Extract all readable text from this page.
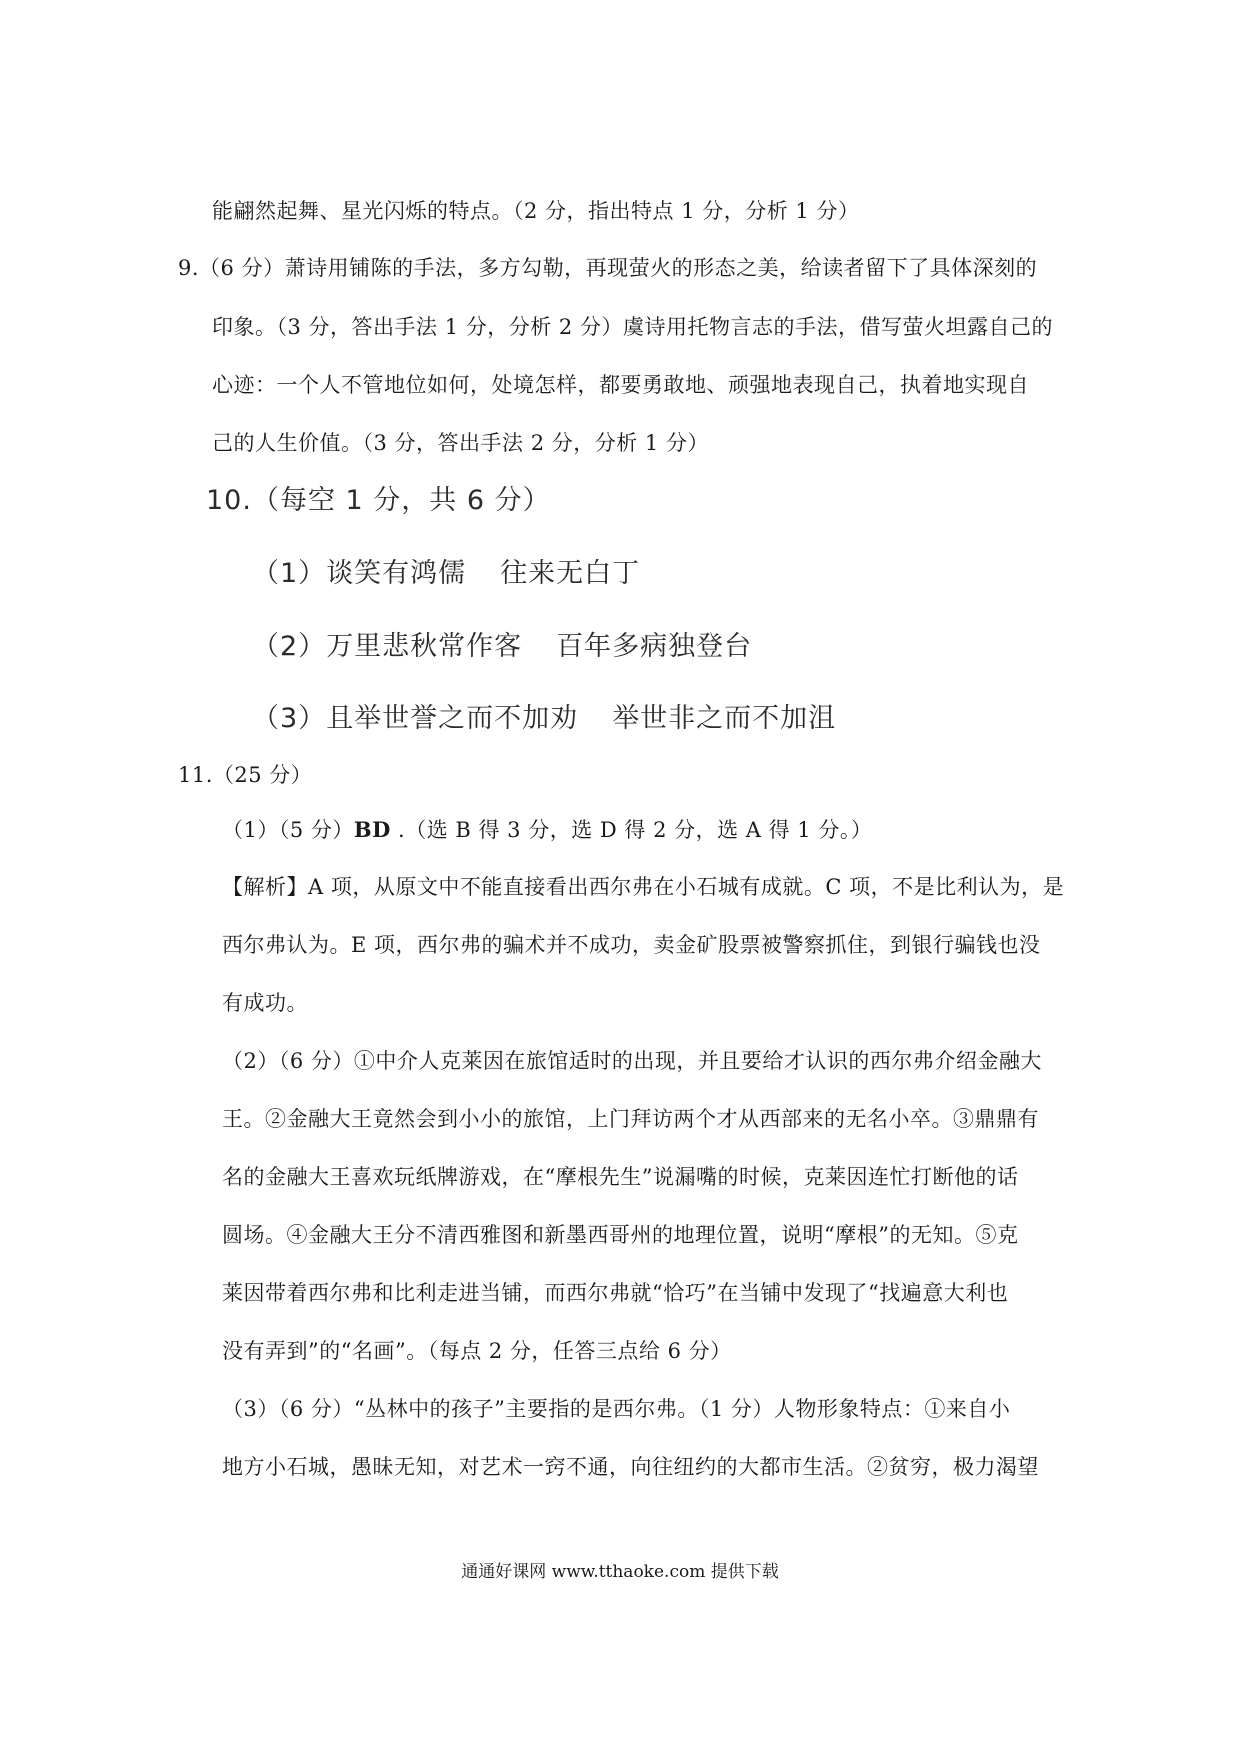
能翩然起舞、星光闪烁的特点。（2 分，指出特点 1 分，分析 1 分）
9.（6 分）萧诗用铺陈的手法，多方勾勒，再现萤火的形态之美，给读者留下了具体深刻的
印象。（3 分，答出手法 1 分，分析 2 分）虞诗用托物言志的手法，借写萤火坦露自己的
心迹：一个人不管地位如何，处境怎样，都要勇敢地、顽强地表现自己，执着地实现自
己的人生价值。（3 分，答出手法 2 分，分析 1 分）
10.（每空 1 分，共 6 分）
（1）谈笑有鸿儒 往来无白丁
（2）万里悲秋常作客 百年多病独登台
（3）且举世誉之而不加劝 举世非之而不加沮
11.（25 分）
（1）（5 分）BD .（选 B 得 3 分，选 D 得 2 分，选 A 得 1 分。）
【解析】A 项，从原文中不能直接看出西尔弗在小石城有成就。C 项，不是比利认为，是
西尔弗认为。E 项，西尔弗的骗术并不成功，卖金矿股票被警察抓住，到银行骗钱也没
有成功。
（2）（6 分）①中介人克莱因在旅馆适时的出现，并且要给才认识的西尔弗介绍金融大
王。②金融大王竟然会到小小的旅馆，上门拜访两个才从西部来的无名小卒。③鼎鼎有
名的金融大王喜欢玩纸牌游戏，在“摩根先生”说漏嘴的时候，克莱因连忙打断他的话
圆场。④金融大王分不清西雅图和新墨西哥州的地理位置，说明“摩根”的无知。⑤克
莱因带着西尔弗和比利走进当铺，而西尔弗就“恰巧”在当铺中发现了“找遍意大利也
没有弄到”的“名画”。（每点 2 分，任答三点给 6 分）
（3）（6 分）“丛林中的孩子”主要指的是西尔弗。（1 分）人物形象特点：①来自小
地方小石城，愚昧无知，对艺术一窍不通，向往纽约的大都市生活。②贫穷，极力渴望
通通好课网 www.tthaoke.com 提供下载
